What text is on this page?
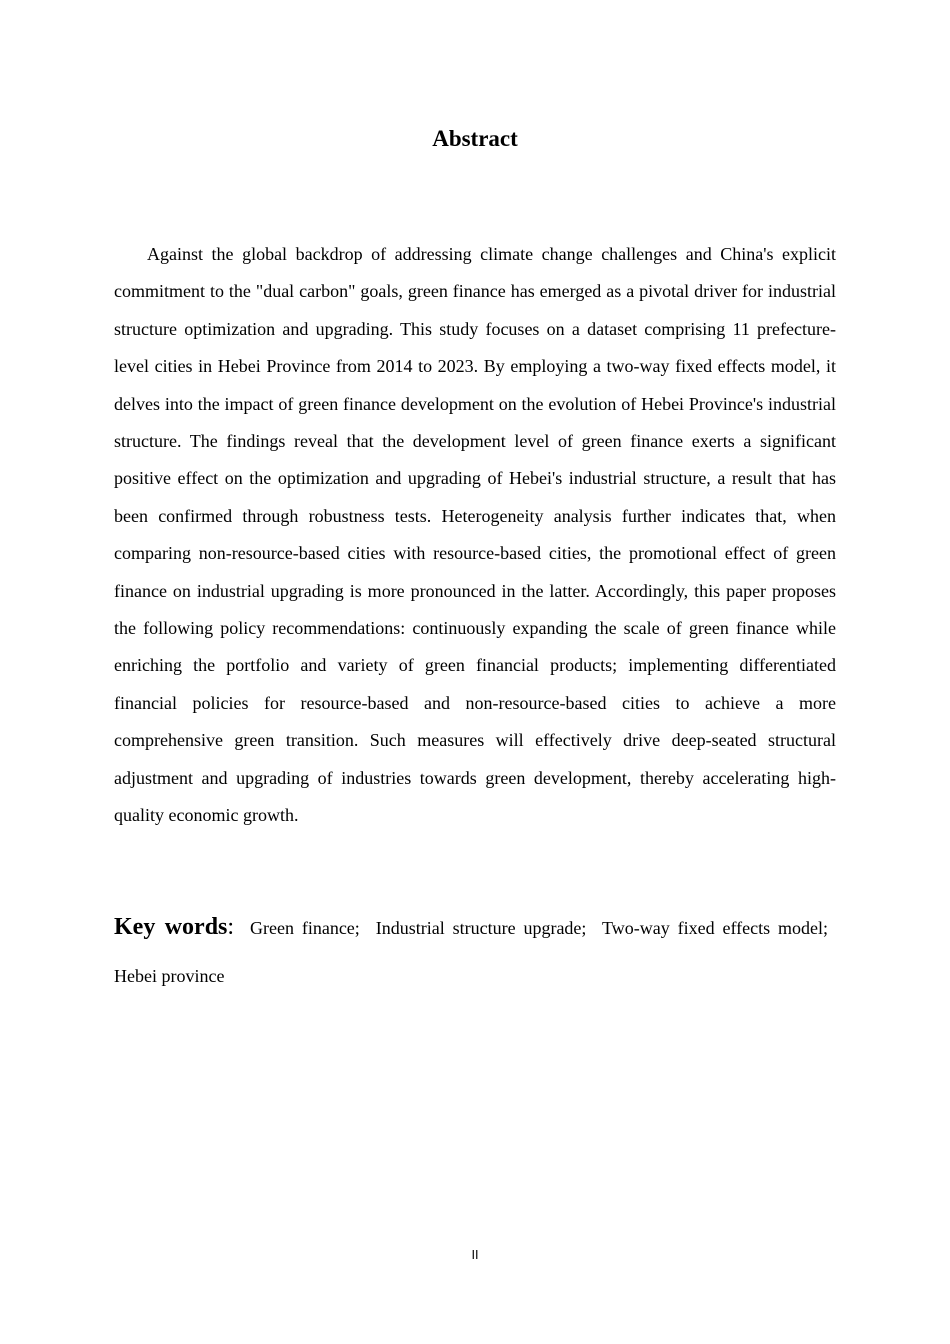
Abstract

Against the global backdrop of addressing climate change challenges and China's explicit commitment to the "dual carbon" goals, green finance has emerged as a pivotal driver for industrial structure optimization and upgrading. This study focuses on a dataset comprising 11 prefecture-level cities in Hebei Province from 2014 to 2023. By employing a two-way fixed effects model, it delves into the impact of green finance development on the evolution of Hebei Province's industrial structure. The findings reveal that the development level of green finance exerts a significant positive effect on the optimization and upgrading of Hebei's industrial structure, a result that has been confirmed through robustness tests. Heterogeneity analysis further indicates that, when comparing non-resource-based cities with resource-based cities, the promotional effect of green finance on industrial upgrading is more pronounced in the latter. Accordingly, this paper proposes the following policy recommendations: continuously expanding the scale of green finance while enriching the portfolio and variety of green financial products; implementing differentiated financial policies for resource-based and non-resource-based cities to achieve a more comprehensive green transition. Such measures will effectively drive deep-seated structural adjustment and upgrading of industries towards green development, thereby accelerating high-quality economic growth.

Key words: Green finance; Industrial structure upgrade; Two-way fixed effects model; Hebei province

II
